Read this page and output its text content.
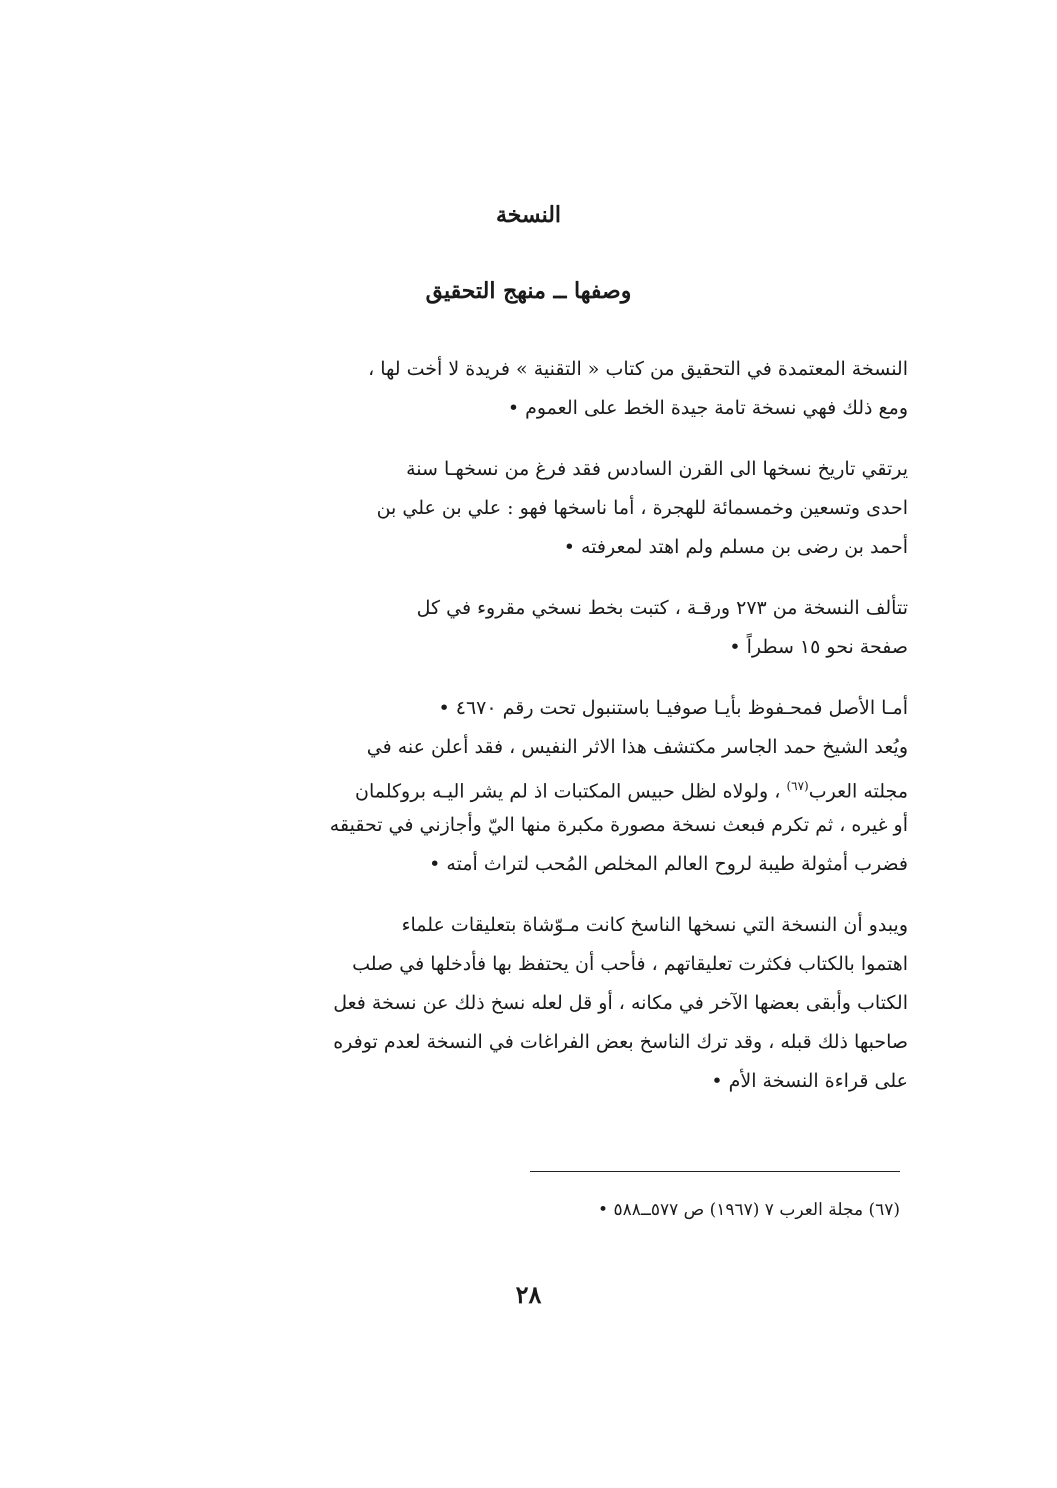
النسخة
وصفها ــ منهج التحقيق
النسخة المعتمدة في التحقيق من كتاب « التقنية » فريدة لا أخت لها ،
ومع ذلك فهي نسخة تامة جيدة الخط على العموم •
يرتقي تاريخ نسخها الى القرن السادس فقد فرغ من نسخهـا سنة
احدى وتسعين وخمسمائة للهجرة ، أما ناسخها فهو : علي بن علي بن
أحمد بن رضى بن مسلم ولم اهتد لمعرفته •
تتألف النسخة من ٢٧٣ ورقـة ، كتبت بخط نسخي مقروء في كل
صفحة نحو ١٥ سطراً •
أمـا الأصل فمحـفوظ بأيـا صوفيـا باستنبول تحت رقم ٤٦٧٠ •
ويُعد الشيخ حمد الجاسر مكتشف هذا الاثر النفيس ، فقد أعلن عنه في
مجلته العرب$^{(٦٧)}$ ، ولولاه لظل حبيس المكتبات اذ لم يشر اليـه بروكلمان
أو غيره ، ثم تكرم فبعث نسخة مصورة مكبرة منها اليّ وأجازني في تحقيقه
فضرب أمثولة طيبة لروح العالم المخلص المُحب لتراث أمته •
ويبدو أن النسخة التي نسخها الناسخ كانت مـوّشاة بتعليقات علماء
اهتموا بالكتاب فكثرت تعليقاتهم ، فأحب أن يحتفظ بها فأدخلها في صلب
الكتاب وأبقى بعضها الآخر في مكانه ، أو قل لعله نسخ ذلك عن نسخة فعل
صاحبها ذلك قبله ، وقد ترك الناسخ بعض الفراغات في النسخة لعدم توفره
على قراءة النسخة الأم •
(٦٧) مجلة العرب ٧ (١٩٦٧) ص ٥٧٧ــ٥٨٨ •
٢٨
